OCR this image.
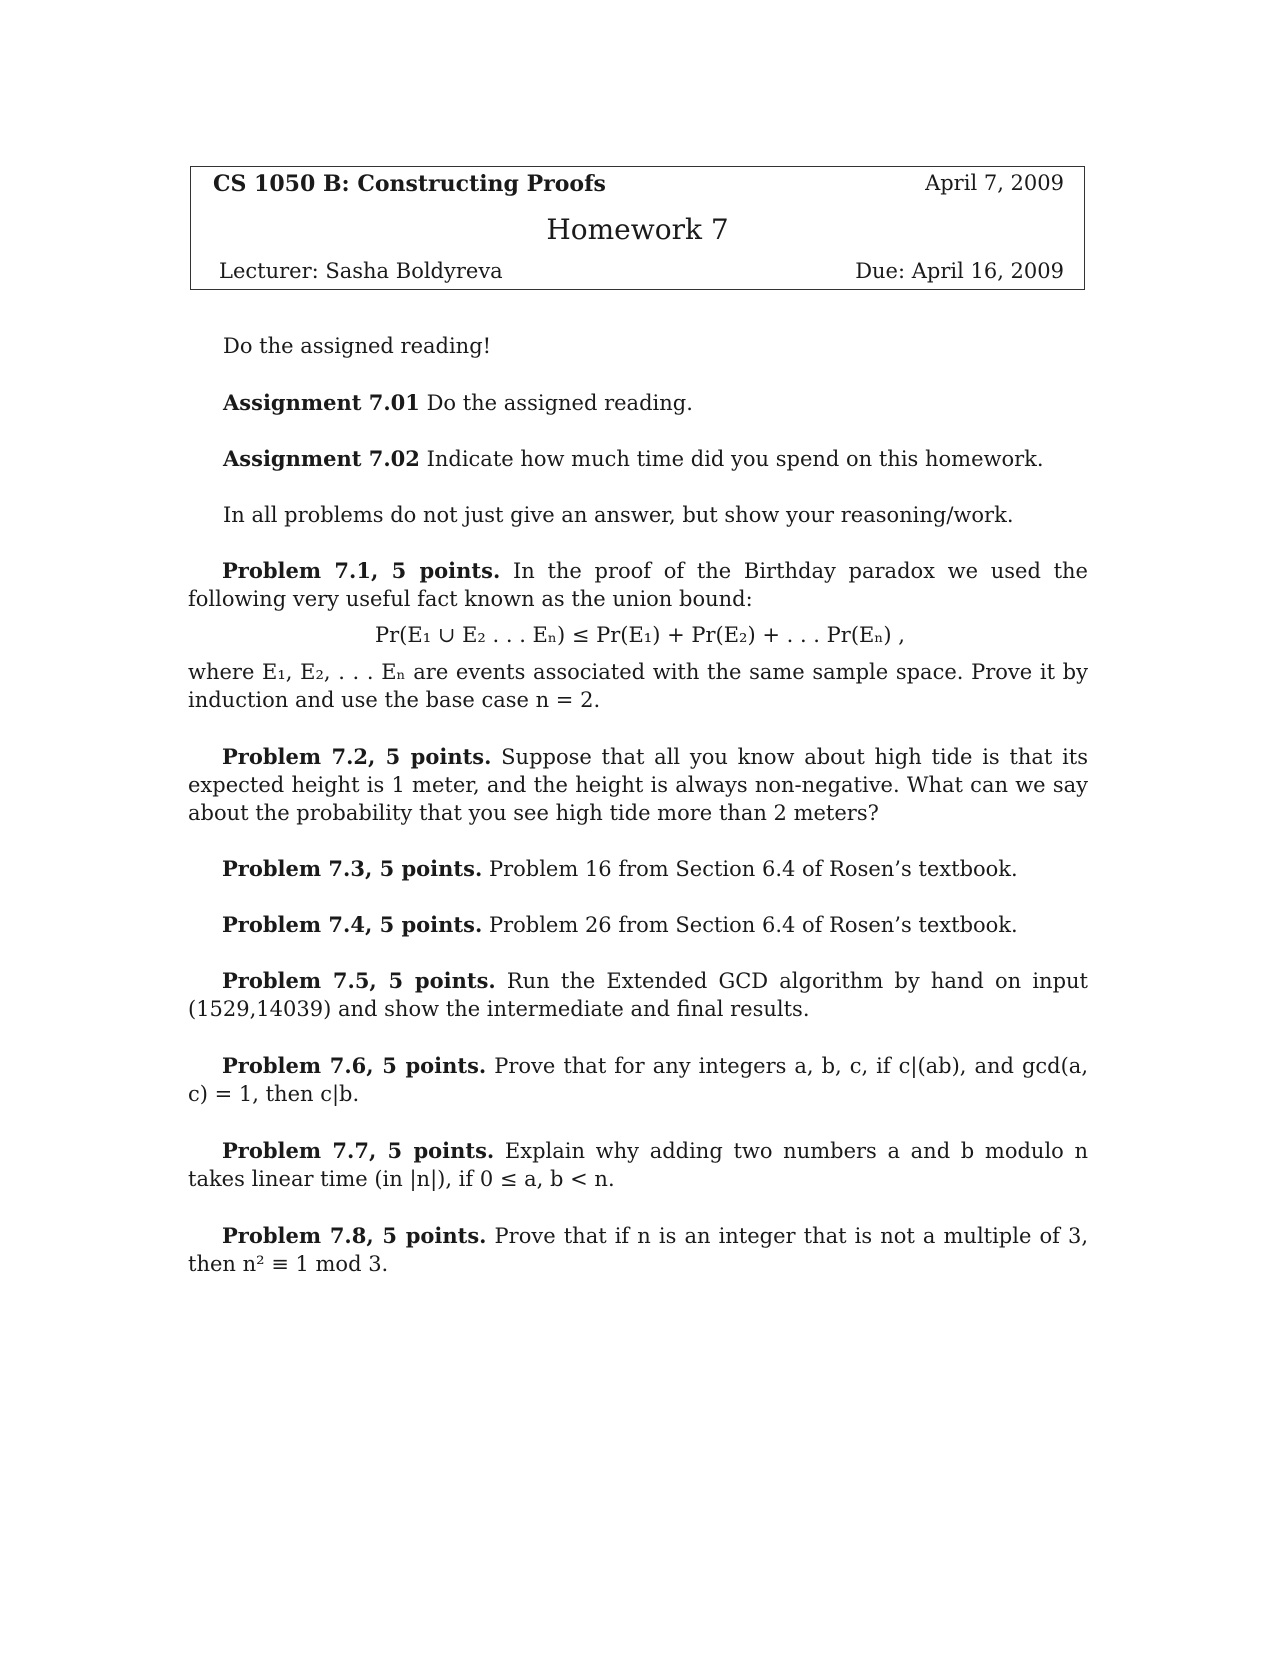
CS 1050 B: Constructing Proofs	April 7, 2009
Homework 7
Lecturer: Sasha Boldyreva	Due: April 16, 2009
Do the assigned reading!
Assignment 7.01 Do the assigned reading.
Assignment 7.02 Indicate how much time did you spend on this homework.
In all problems do not just give an answer, but show your reasoning/work.
Problem 7.1, 5 points. In the proof of the Birthday paradox we used the following very useful fact known as the union bound:
Pr(E₁ ∪ E₂ . . . Eₙ) ≤ Pr(E₁) + Pr(E₂) + . . . Pr(Eₙ) ,
where E₁, E₂, . . . Eₙ are events associated with the same sample space. Prove it by induction and use the base case n = 2.
Problem 7.2, 5 points. Suppose that all you know about high tide is that its expected height is 1 meter, and the height is always non-negative. What can we say about the probability that you see high tide more than 2 meters?
Problem 7.3, 5 points. Problem 16 from Section 6.4 of Rosen’s textbook.
Problem 7.4, 5 points. Problem 26 from Section 6.4 of Rosen’s textbook.
Problem 7.5, 5 points. Run the Extended GCD algorithm by hand on input (1529,14039) and show the intermediate and final results.
Problem 7.6, 5 points. Prove that for any integers a, b, c, if c|(ab), and gcd(a, c) = 1, then c|b.
Problem 7.7, 5 points. Explain why adding two numbers a and b modulo n takes linear time (in |n|), if 0 ≤ a, b < n.
Problem 7.8, 5 points. Prove that if n is an integer that is not a multiple of 3, then n² ≡ 1 mod 3.
